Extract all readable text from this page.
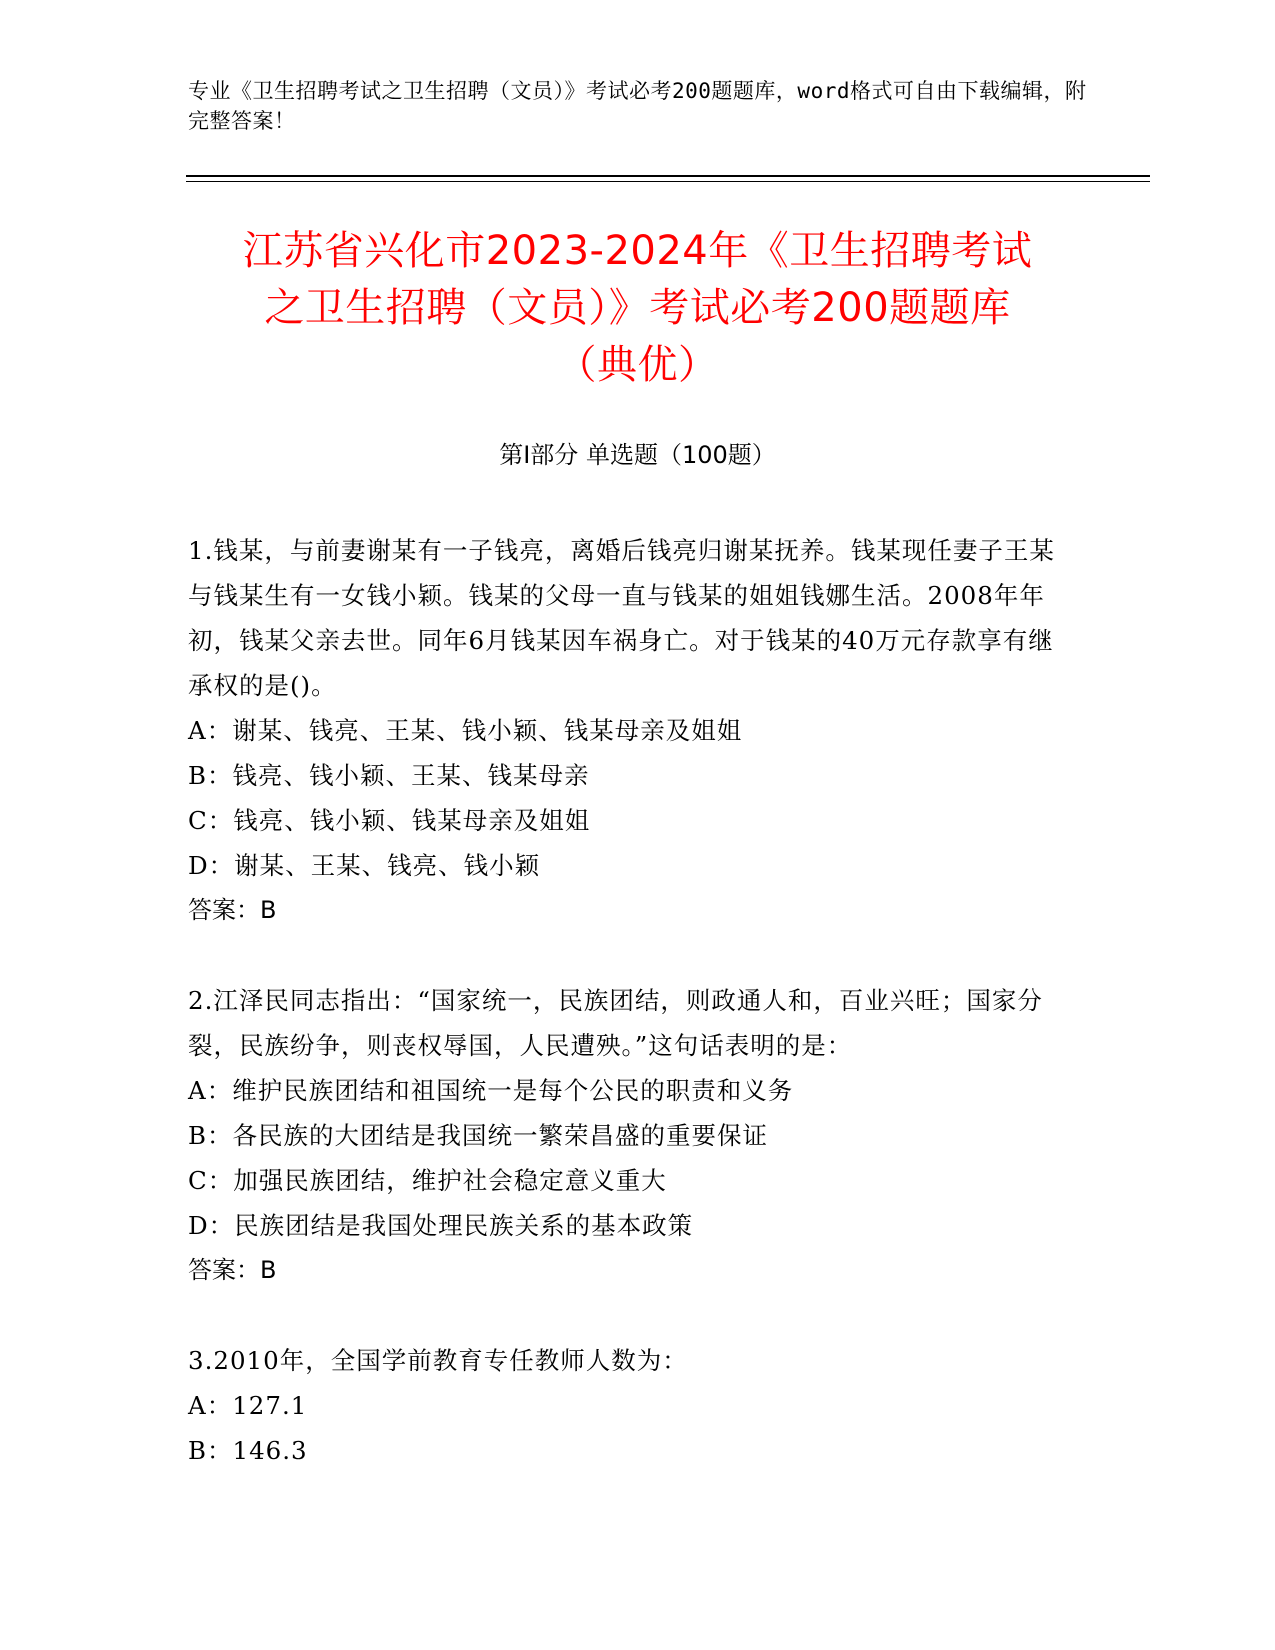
专业《卫生招聘考试之卫生招聘（文员）》考试必考200题题库，word格式可自由下载编辑，附完整答案！
江苏省兴化市2023-2024年《卫生招聘考试
之卫生招聘（文员）》考试必考200题题库
（典优）
第I部分 单选题（100题）

1.钱某，与前妻谢某有一子钱亮，离婚后钱亮归谢某抚养。钱某现任妻子王某与钱某生有一女钱小颖。钱某的父母一直与钱某的姐姐钱娜生活。2008年年初，钱某父亲去世。同年6月钱某因车祸身亡。对于钱某的40万元存款享有继承权的是()。

A：谢某、钱亮、王某、钱小颖、钱某母亲及姐姐

B：钱亮、钱小颖、王某、钱某母亲

C：钱亮、钱小颖、钱某母亲及姐姐

D：谢某、王某、钱亮、钱小颖

答案：B

2.江泽民同志指出：“国家统一，民族团结，则政通人和，百业兴旺；国家分裂，民族纷争，则丧权辱国，人民遭殃。”这句话表明的是：

A：维护民族团结和祖国统一是每个公民的职责和义务

B：各民族的大团结是我国统一繁荣昌盛的重要保证

C：加强民族团结，维护社会稳定意义重大

D：民族团结是我国处理民族关系的基本政策

答案：B

3.2010年，全国学前教育专任教师人数为：

A：127.1

B：146.3
